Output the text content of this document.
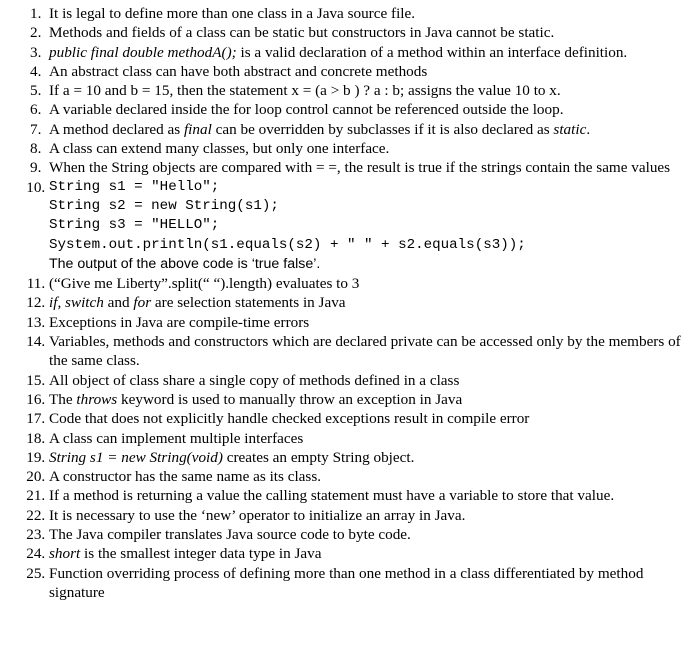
1. It is legal to define more than one class in a Java source file.
2. Methods and fields of a class can be static but constructors in Java cannot be static.
3. public final double methodA(); is a valid declaration of a method within an interface definition.
4. An abstract class can have both abstract and concrete methods
5. If a = 10 and b = 15, then the statement x = (a > b ) ? a : b; assigns the value 10 to x.
6. A variable declared inside the for loop control cannot be referenced outside the loop.
7. A method declared as final can be overridden by subclasses if it is also declared as static.
8. A class can extend many classes, but only one interface.
9. When the String objects are compared with = =, the result is true if the strings contain the same values
10. String s1 = "Hello";
String s2 = new String(s1);
String s3 = "HELLO";
System.out.println(s1.equals(s2) + " " + s2.equals(s3));
The output of the above code is ‘true false’.
11. (“Give me Liberty”.split(“ “).length) evaluates to 3
12. if, switch and for are selection statements in Java
13. Exceptions in Java are compile-time errors
14. Variables, methods and constructors which are declared private can be accessed only by the members of the same class.
15. All object of class share a single copy of methods defined in a class
16. The throws keyword is used to manually throw an exception in Java
17. Code that does not explicitly handle checked exceptions result in compile error
18. A class can implement multiple interfaces
19. String s1 = new String(void) creates an empty String object.
20. A constructor has the same name as its class.
21. If a method is returning a value the calling statement must have a variable to store that value.
22. It is necessary to use the ‘new’ operator to initialize an array in Java.
23. The Java compiler translates Java source code to byte code.
24. short is the smallest integer data type in Java
25. Function overriding process of defining more than one method in a class differentiated by method signature
